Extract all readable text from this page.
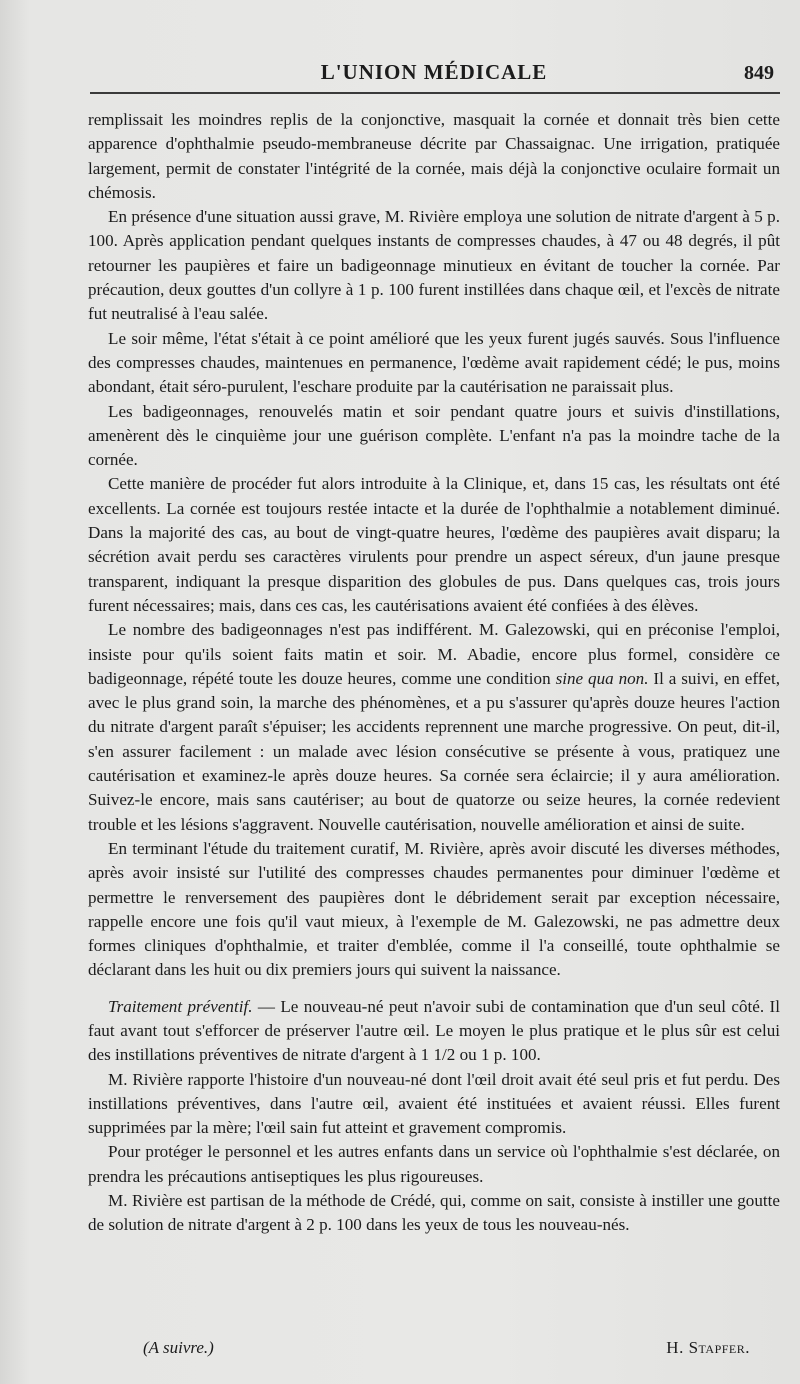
L'UNION MÉDICALE	849

remplissait les moindres replis de la conjonctive, masquait la cornée et donnait très bien cette apparence d'ophthalmie pseudo-membraneuse décrite par Chassaignac. Une irrigation, pratiquée largement, permit de constater l'intégrité de la cornée, mais déjà la conjonctive oculaire formait un chémosis.

En présence d'une situation aussi grave, M. Rivière employa une solution de nitrate d'argent à 5 p. 100. Après application pendant quelques instants de compresses chaudes, à 47 ou 48 degrés, il pût retourner les paupières et faire un badigeonnage minutieux en évitant de toucher la cornée. Par précaution, deux gouttes d'un collyre à 1 p. 100 furent instillées dans chaque œil, et l'excès de nitrate fut neutralisé à l'eau salée.

Le soir même, l'état s'était à ce point amélioré que les yeux furent jugés sauvés. Sous l'influence des compresses chaudes, maintenues en permanence, l'œdème avait rapidement cédé; le pus, moins abondant, était séro-purulent, l'eschare produite par la cautérisation ne paraissait plus.

Les badigeonnages, renouvelés matin et soir pendant quatre jours et suivis d'instillations, amenèrent dès le cinquième jour une guérison complète. L'enfant n'a pas la moindre tache de la cornée.

Cette manière de procéder fut alors introduite à la Clinique, et, dans 15 cas, les résultats ont été excellents. La cornée est toujours restée intacte et la durée de l'ophthalmie a notablement diminué. Dans la majorité des cas, au bout de vingt-quatre heures, l'œdème des paupières avait disparu; la sécrétion avait perdu ses caractères virulents pour prendre un aspect séreux, d'un jaune presque transparent, indiquant la presque disparition des globules de pus. Dans quelques cas, trois jours furent nécessaires; mais, dans ces cas, les cautérisations avaient été confiées à des élèves.

Le nombre des badigeonnages n'est pas indifférent. M. Galezowski, qui en préconise l'emploi, insiste pour qu'ils soient faits matin et soir. M. Abadie, encore plus formel, considère ce badigeonnage, répété toute les douze heures, comme une condition sine qua non. Il a suivi, en effet, avec le plus grand soin, la marche des phénomènes, et a pu s'assurer qu'après douze heures l'action du nitrate d'argent paraît s'épuiser; les accidents reprennent une marche progressive. On peut, dit-il, s'en assurer facilement : un malade avec lésion consécutive se présente à vous, pratiquez une cautérisation et examinez-le après douze heures. Sa cornée sera éclaircie; il y aura amélioration. Suivez-le encore, mais sans cautériser; au bout de quatorze ou seize heures, la cornée redevient trouble et les lésions s'aggravent. Nouvelle cautérisation, nouvelle amélioration et ainsi de suite.

En terminant l'étude du traitement curatif, M. Rivière, après avoir discuté les diverses méthodes, après avoir insisté sur l'utilité des compresses chaudes permanentes pour diminuer l'œdème et permettre le renversement des paupières dont le débridement serait par exception nécessaire, rappelle encore une fois qu'il vaut mieux, à l'exemple de M. Galezowski, ne pas admettre deux formes cliniques d'ophthalmie, et traiter d'emblée, comme il l'a conseillé, toute ophthalmie se déclarant dans les huit ou dix premiers jours qui suivent la naissance.

Traitement préventif. — Le nouveau-né peut n'avoir subi de contamination que d'un seul côté. Il faut avant tout s'efforcer de préserver l'autre œil. Le moyen le plus pratique et le plus sûr est celui des instillations préventives de nitrate d'argent à 1 1/2 ou 1 p. 100.

M. Rivière rapporte l'histoire d'un nouveau-né dont l'œil droit avait été seul pris et fut perdu. Des instillations préventives, dans l'autre œil, avaient été instituées et avaient réussi. Elles furent supprimées par la mère; l'œil sain fut atteint et gravement compromis.

Pour protéger le personnel et les autres enfants dans un service où l'ophthalmie s'est déclarée, on prendra les précautions antiseptiques les plus rigoureuses.

M. Rivière est partisan de la méthode de Crédé, qui, comme on sait, consiste à instiller une goutte de solution de nitrate d'argent à 2 p. 100 dans les yeux de tous les nouveau-nés.

(A suivre.)	H. Stapfer.
